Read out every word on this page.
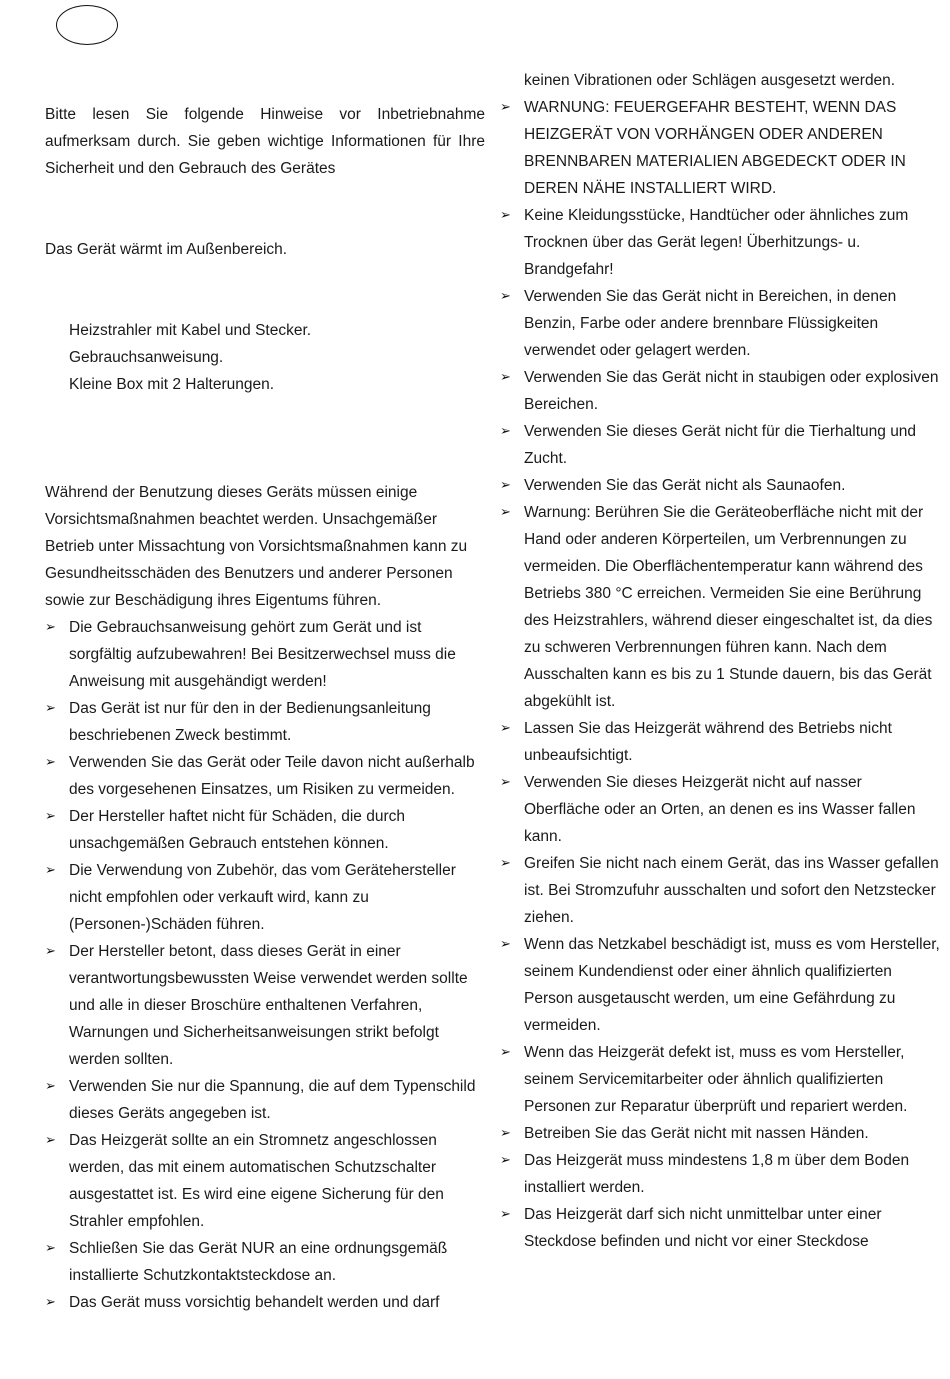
Bitte lesen Sie folgende Hinweise vor Inbetriebnahme aufmerksam durch. Sie geben wichtige Informationen für Ihre Sicherheit und den Gebrauch des Gerätes

Das Gerät wärmt im Außenbereich.

Heizstrahler mit Kabel und Stecker.

Gebrauchsanweisung.

Kleine Box mit 2 Halterungen.

Während der Benutzung dieses Geräts müssen einige Vorsichtsmaßnahmen beachtet werden. Unsachgemäßer Betrieb unter Missachtung von Vorsichtsmaßnahmen kann zu Gesundheitsschäden des Benutzers und anderer Personen sowie zur Beschädigung ihres Eigentums führen.

➢ Die Gebrauchsanweisung gehört zum Gerät und ist sorgfältig aufzubewahren! Bei Besitzerwechsel muss die Anweisung mit ausgehändigt werden!
➢ Das Gerät ist nur für den in der Bedienungsanleitung beschriebenen Zweck bestimmt.
➢ Verwenden Sie das Gerät oder Teile davon nicht außerhalb des vorgesehenen Einsatzes, um Risiken zu vermeiden.
➢ Der Hersteller haftet nicht für Schäden, die durch unsachgemäßen Gebrauch entstehen können.
➢ Die Verwendung von Zubehör, das vom Gerätehersteller nicht empfohlen oder verkauft wird, kann zu (Personen-)Schäden führen.
➢ Der Hersteller betont, dass dieses Gerät in einer verantwortungsbewussten Weise verwendet werden sollte und alle in dieser Broschüre enthaltenen Verfahren, Warnungen und Sicherheitsanweisungen strikt befolgt werden sollten.
➢ Verwenden Sie nur die Spannung, die auf dem Typenschild dieses Geräts angegeben ist.
➢ Das Heizgerät sollte an ein Stromnetz angeschlossen werden, das mit einem automatischen Schutzschalter ausgestattet ist. Es wird eine eigene Sicherung für den Strahler empfohlen.
➢ Schließen Sie das Gerät NUR an eine ordnungsgemäß installierte Schutzkontaktsteckdose an.
➢ Das Gerät muss vorsichtig behandelt werden und darf

keinen Vibrationen oder Schlägen ausgesetzt werden.

➢ WARNUNG: FEUERGEFAHR BESTEHT, WENN DAS HEIZGERÄT VON VORHÄNGEN ODER ANDEREN BRENNBAREN MATERIALIEN ABGEDECKT ODER IN DEREN NÄHE INSTALLIERT WIRD.
➢ Keine Kleidungsstücke, Handtücher oder ähnliches zum Trocknen über das Gerät legen! Überhitzungs- u. Brandgefahr!
➢ Verwenden Sie das Gerät nicht in Bereichen, in denen Benzin, Farbe oder andere brennbare Flüssigkeiten verwendet oder gelagert werden.
➢ Verwenden Sie das Gerät nicht in staubigen oder explosiven Bereichen.
➢ Verwenden Sie dieses Gerät nicht für die Tierhaltung und Zucht.
➢ Verwenden Sie das Gerät nicht als Saunaofen.
➢ Warnung: Berühren Sie die Geräteoberfläche nicht mit der Hand oder anderen Körperteilen, um Verbrennungen zu vermeiden. Die Oberflächentemperatur kann während des Betriebs 380 °C erreichen. Vermeiden Sie eine Berührung des Heizstrahlers, während dieser eingeschaltet ist, da dies zu schweren Verbrennungen führen kann. Nach dem Ausschalten kann es bis zu 1 Stunde dauern, bis das Gerät abgekühlt ist.
➢ Lassen Sie das Heizgerät während des Betriebs nicht unbeaufsichtigt.
➢ Verwenden Sie dieses Heizgerät nicht auf nasser Oberfläche oder an Orten, an denen es ins Wasser fallen kann.
➢ Greifen Sie nicht nach einem Gerät, das ins Wasser gefallen ist. Bei Stromzufuhr ausschalten und sofort den Netzstecker ziehen.
➢ Wenn das Netzkabel beschädigt ist, muss es vom Hersteller, seinem Kundendienst oder einer ähnlich qualifizierten Person ausgetauscht werden, um eine Gefährdung zu vermeiden.
➢ Wenn das Heizgerät defekt ist, muss es vom Hersteller, seinem Servicemitarbeiter oder ähnlich qualifizierten Personen zur Reparatur überprüft und repariert werden.
➢ Betreiben Sie das Gerät nicht mit nassen Händen.
➢ Das Heizgerät muss mindestens 1,8 m über dem Boden installiert werden.
➢ Das Heizgerät darf sich nicht unmittelbar unter einer Steckdose befinden und nicht vor einer Steckdose
